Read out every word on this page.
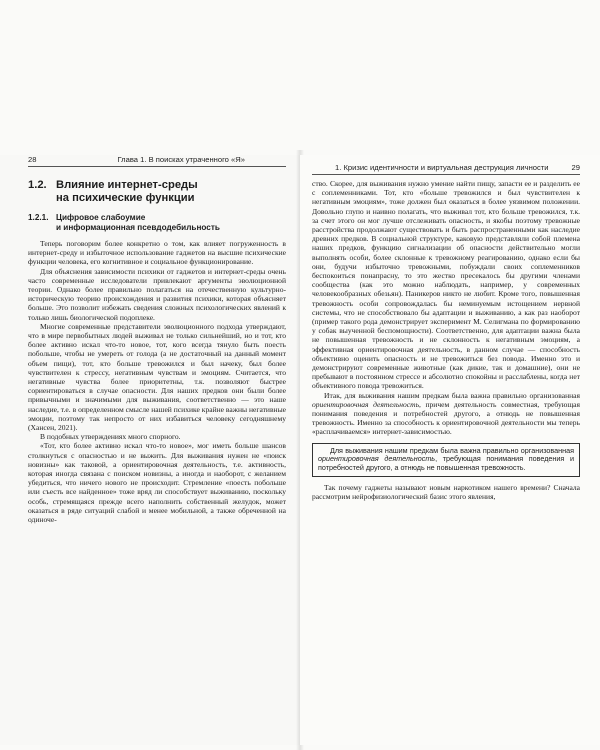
28	Глава 1. В поисках утраченного «Я»
1.2. Влияние интернет-среды
на психические функции
1.2.1. Цифровое слабоумие
и информационная псевдодебильность

Теперь поговорим более конкретно о том, как влияет погруженность в интернет-среду и избыточное использование гаджетов на высшие психические функции человека, его когнитивное и социальное функционирование.

Для объяснения зависимости психики от гаджетов и интернет-среды очень часто современные исследователи привлекают аргументы эволюционной теории. Однако более правильно полагаться на отечественную культурно-историческую теорию происхождения и развития психики, которая объясняет больше. Это позволит избежать сведения сложных психологических явлений к только лишь биологической подоплеке.

Многие современные представители эволюционного подхода утверждают, что в мире первобытных людей выживал не только сильнейший, но и тот, кто более активно искал что-то новое, тот, кого всегда тянуло быть поесть побольше, чтобы не умереть от голода (а не достаточный на данный момент объем пищи), тот, кто больше тревожился и был начеку, был более чувствителен к стрессу, негативным чувствам и эмоциям. Считается, что негативные чувства более приоритетны, т.к. позволяют быстрее сориентироваться в случае опасности. Для наших предков они были более привычными и значимыми для выживания, соответственно — это наше наследие, т.е. в определенном смысле нашей психике крайне важны негативные эмоции, поэтому так непросто от них избавиться человеку сегодняшнему (Хансен, 2021).

В подобных утверждениях много спорного.

«Тот, кто более активно искал что-то новое», мог иметь больше шансов столкнуться с опасностью и не выжить. Для выживания нужен не «поиск новизны» как таковой, а ориентировочная деятельность, т.е. активность, которая иногда связана с поиском новизны, а иногда и наоборот, с желанием убедиться, что ничего нового не происходит. Стремление «поесть побольше или съесть все найденное» тоже вряд ли способствует выживанию, поскольку особь, стремящаяся прежде всего наполнить собственный желудок, может оказаться в ряде ситуаций слабой и менее мобильной, а также обреченной на одиноче-

1. Кризис идентичности и виртуальная деструкция личности	29

ство. Скорее, для выживания нужно умение найти пищу, запасти ее и разделить ее с соплеменниками. Тот, кто «больше тревожился и был чувствителен к негативным эмоциям», тоже должен был оказаться в более уязвимом положении. Довольно глупо и наивно полагать, что выживал тот, кто больше тревожился, т.к. за счет этого он мог лучше отслеживать опасность, и якобы поэтому тревожные расстройства продолжают существовать и быть распространенными как наследие древних предков. В социальной структуре, каковую представляли собой племена наших предков, функцию сигнализации об опасности действительно могли выполнять особи, более склонные к тревожному реагированию, однако если бы они, будучи избыточно тревожными, побуждали своих соплеменников беспокоиться понапрасну, то это жестко пресекалось бы другими членами сообщества (как это можно наблюдать, например, у современных человекообразных обезьян). Паникеров никто не любит. Кроме того, повышенная тревожность особи сопровождалась бы неминуемым истощением нервной системы, что не способствовало бы адаптации и выживанию, а как раз наоборот (пример такого рода демонстрирует эксперимент М. Селигмана по формированию у собак выученной беспомощности). Соответственно, для адаптации важна была не повышенная тревожность и не склонность к негативным эмоциям, а эффективная ориентировочная деятельность, в данном случае — способность объективно оценить опасность и не тревожиться без повода. Именно это и демонстрируют современные животные (как дикие, так и домашние), они не пребывают в постоянном стрессе и абсолютно спокойны и расслаблены, когда нет объективного повода тревожиться.

Итак, для выживания нашим предкам была важна правильно организованная ориентировочная деятельность, причем деятельность совместная, требующая понимания поведения и потребностей другого, а отнюдь не повышенная тревожность. Именно за способность к ориентировочной деятельности мы теперь «расплачиваемся» интернет-зависимостью.

Для выживания нашим предкам была важна правильно организованная ориентировочная деятельность, требующая понимания поведения и потребностей другого, а отнюдь не повышенная тревожность.

Так почему гаджеты называют новым наркотиком нашего времени? Сначала рассмотрим нейрофизиологический базис этого явления,
